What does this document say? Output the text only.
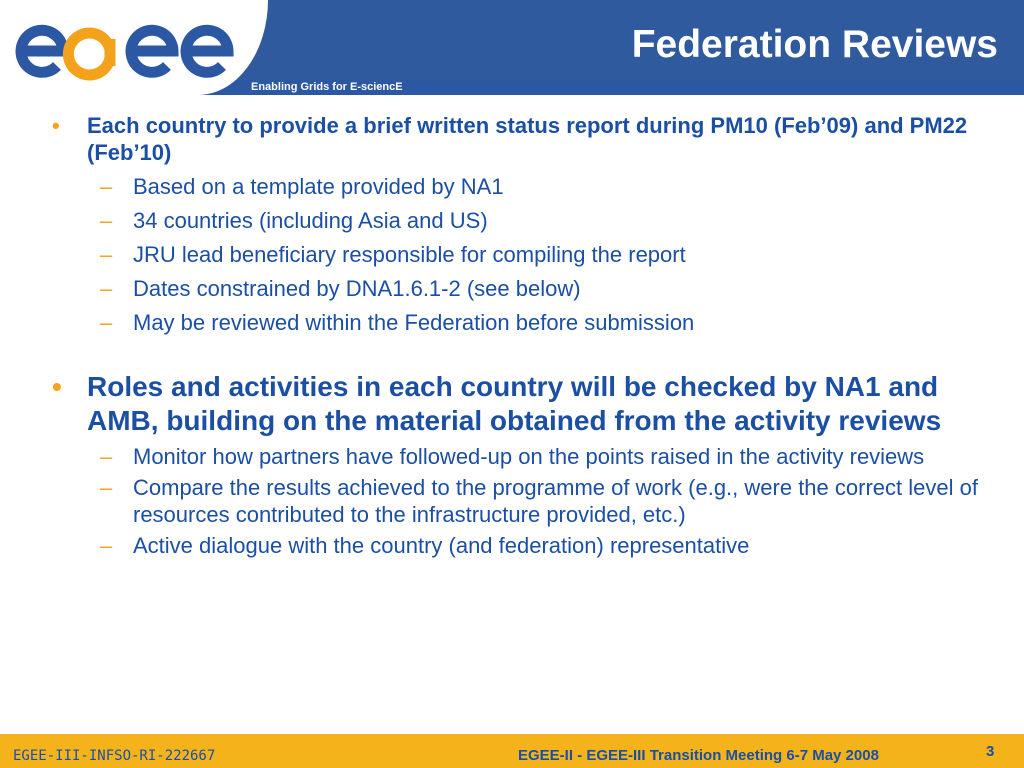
Enabling Grids for E-sciencE
Federation Reviews
• Each country to provide a brief written status report during PM10 (Feb’09) and PM22 (Feb’10)
– Based on a template provided by NA1
– 34 countries (including Asia and US)
– JRU lead beneficiary responsible for compiling the report
– Dates constrained by DNA1.6.1-2 (see below)
– May be reviewed within the Federation before submission
• Roles and activities in each country will be checked by NA1 and AMB, building on the material obtained from the activity reviews
– Monitor how partners have followed-up on the points raised in the activity reviews
– Compare the results achieved to the programme of work (e.g., were the correct level of resources contributed to the infrastructure provided, etc.)
– Active dialogue with the country (and federation) representative
EGEE-III-INFSO-RI-222667	EGEE-II - EGEE-III Transition Meeting 6-7 May 2008	3
